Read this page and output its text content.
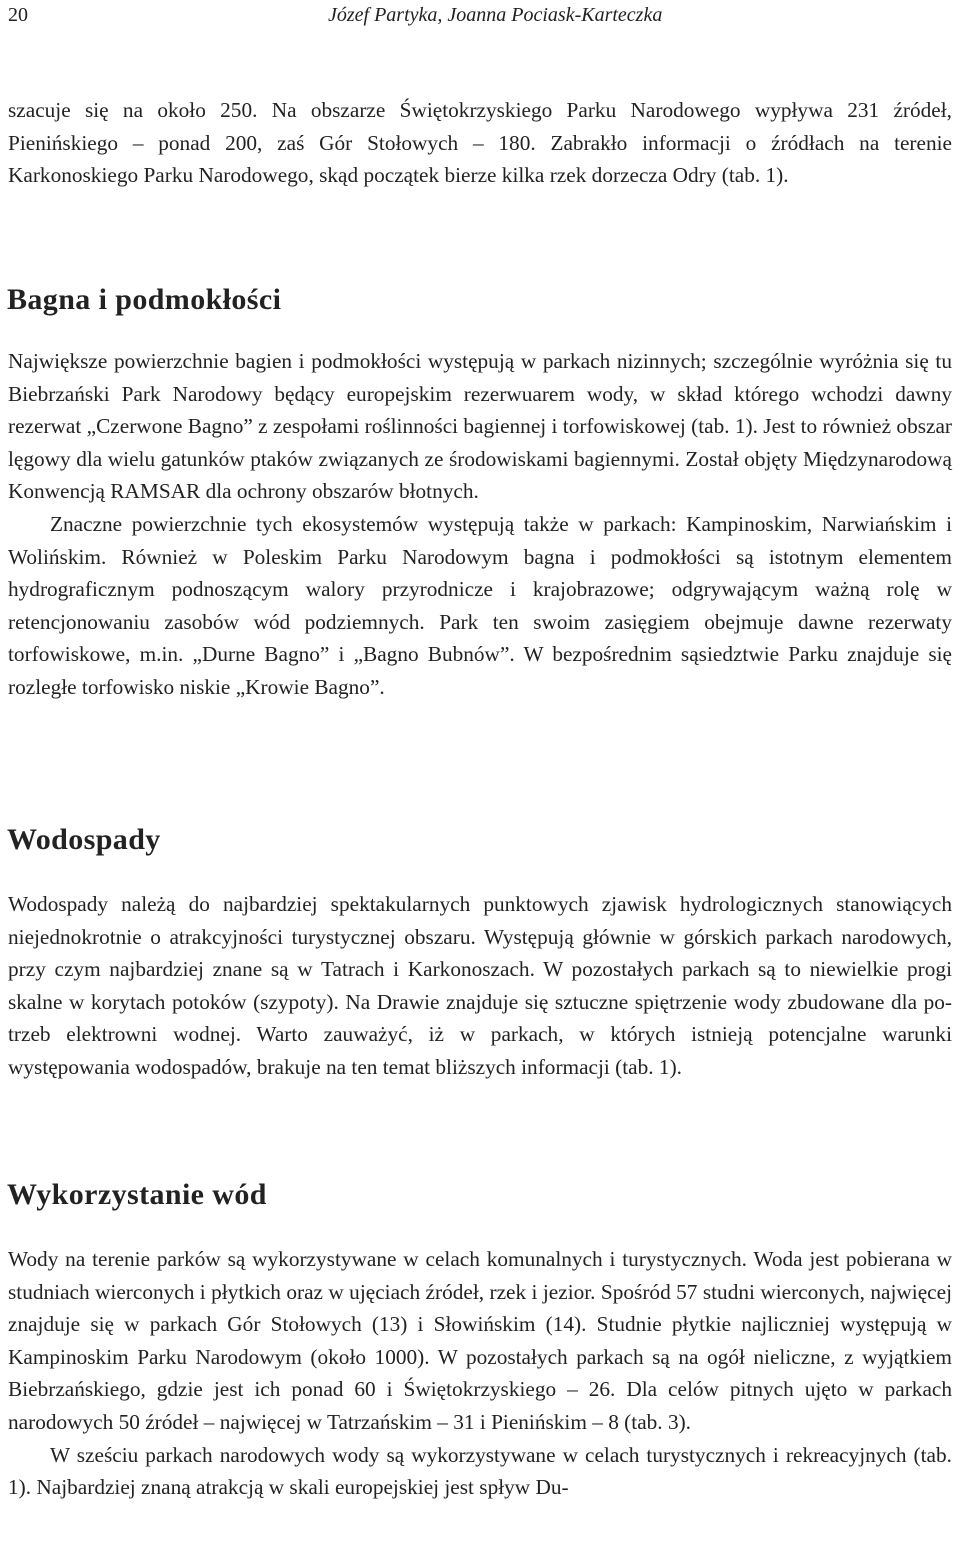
20	Józef Partyka, Joanna Pociask-Karteczka

szacuje się na około 250. Na obszarze Świętokrzyskiego Parku Narodowego wypływa 231 źródeł, Pienińskiego – ponad 200, zaś Gór Stołowych – 180. Zabrakło informacji o źródłach na terenie Karkonoskiego Parku Narodowego, skąd początek bierze kilka rzek dorzecza Odry (tab. 1).

Bagna i podmokłości

Największe powierzchnie bagien i podmokłości występują w parkach nizinnych; szczególnie wyróżnia się tu Biebrzański Park Narodowy będący europejskim rezerwuarem wody, w skład którego wchodzi dawny rezerwat „Czerwone Bagno” z zespołami roślinności bagiennej i torfowiskowej (tab. 1). Jest to również obszar lęgowy dla wielu gatunków ptaków związanych ze środowiskami bagiennymi. Został objęty Międzynarodową Konwencją RAMSAR dla ochrony obszarów błotnych.

Znaczne powierzchnie tych ekosystemów występują także w parkach: Kampinoskim, Narwiańskim i Wolińskim. Również w Poleskim Parku Narodowym bagna i podmokłości są istotnym elementem hydrograficznym podnoszącym walory przyrodnicze i krajobrazowe; odgrywającym ważną rolę w retencjonowaniu zasobów wód podziemnych. Park ten swoim zasięgiem obejmuje dawne rezerwaty torfowiskowe, m.in. „Durne Bagno” i „Bagno Bubnów”. W bezpośrednim sąsiedztwie Parku znajduje się rozległe torfowisko niskie „Krowie Bagno”.

Wodospady

Wodospady należą do najbardziej spektakularnych punktowych zjawisk hydrologicznych stanowiących niejednokrotnie o atrakcyjności turystycznej obszaru. Występują głównie w górskich parkach narodowych, przy czym najbardziej znane są w Tatrach i Karkonoszach. W pozostałych parkach są to niewielkie progi skalne w korytach potoków (szypoty). Na Drawie znajduje się sztuczne spiętrzenie wody zbudowane dla potrzeb elektrowni wodnej. Warto zauważyć, iż w parkach, w których istnieją potencjalne warunki występowania wodospadów, brakuje na ten temat bliższych informacji (tab. 1).

Wykorzystanie wód

Wody na terenie parków są wykorzystywane w celach komunalnych i turystycznych. Woda jest pobierana w studniach wierconych i płytkich oraz w ujęciach źródeł, rzek i jezior. Spośród 57 studni wierconych, najwięcej znajduje się w parkach Gór Stołowych (13) i Słowińskim (14). Studnie płytkie najliczniej występują w Kampinoskim Parku Narodowym (około 1000). W pozostałych parkach są na ogół nieliczne, z wyjątkiem Biebrzańskiego, gdzie jest ich ponad 60 i Świętokrzyskiego – 26. Dla celów pitnych ujęto w parkach narodowych 50 źródeł – najwięcej w Tatrzańskim – 31 i Pienińskim – 8 (tab. 3).

W sześciu parkach narodowych wody są wykorzystywane w celach turystycznych i rekreacyjnych (tab. 1). Najbardziej znaną atrakcją w skali europejskiej jest spływ Du-
